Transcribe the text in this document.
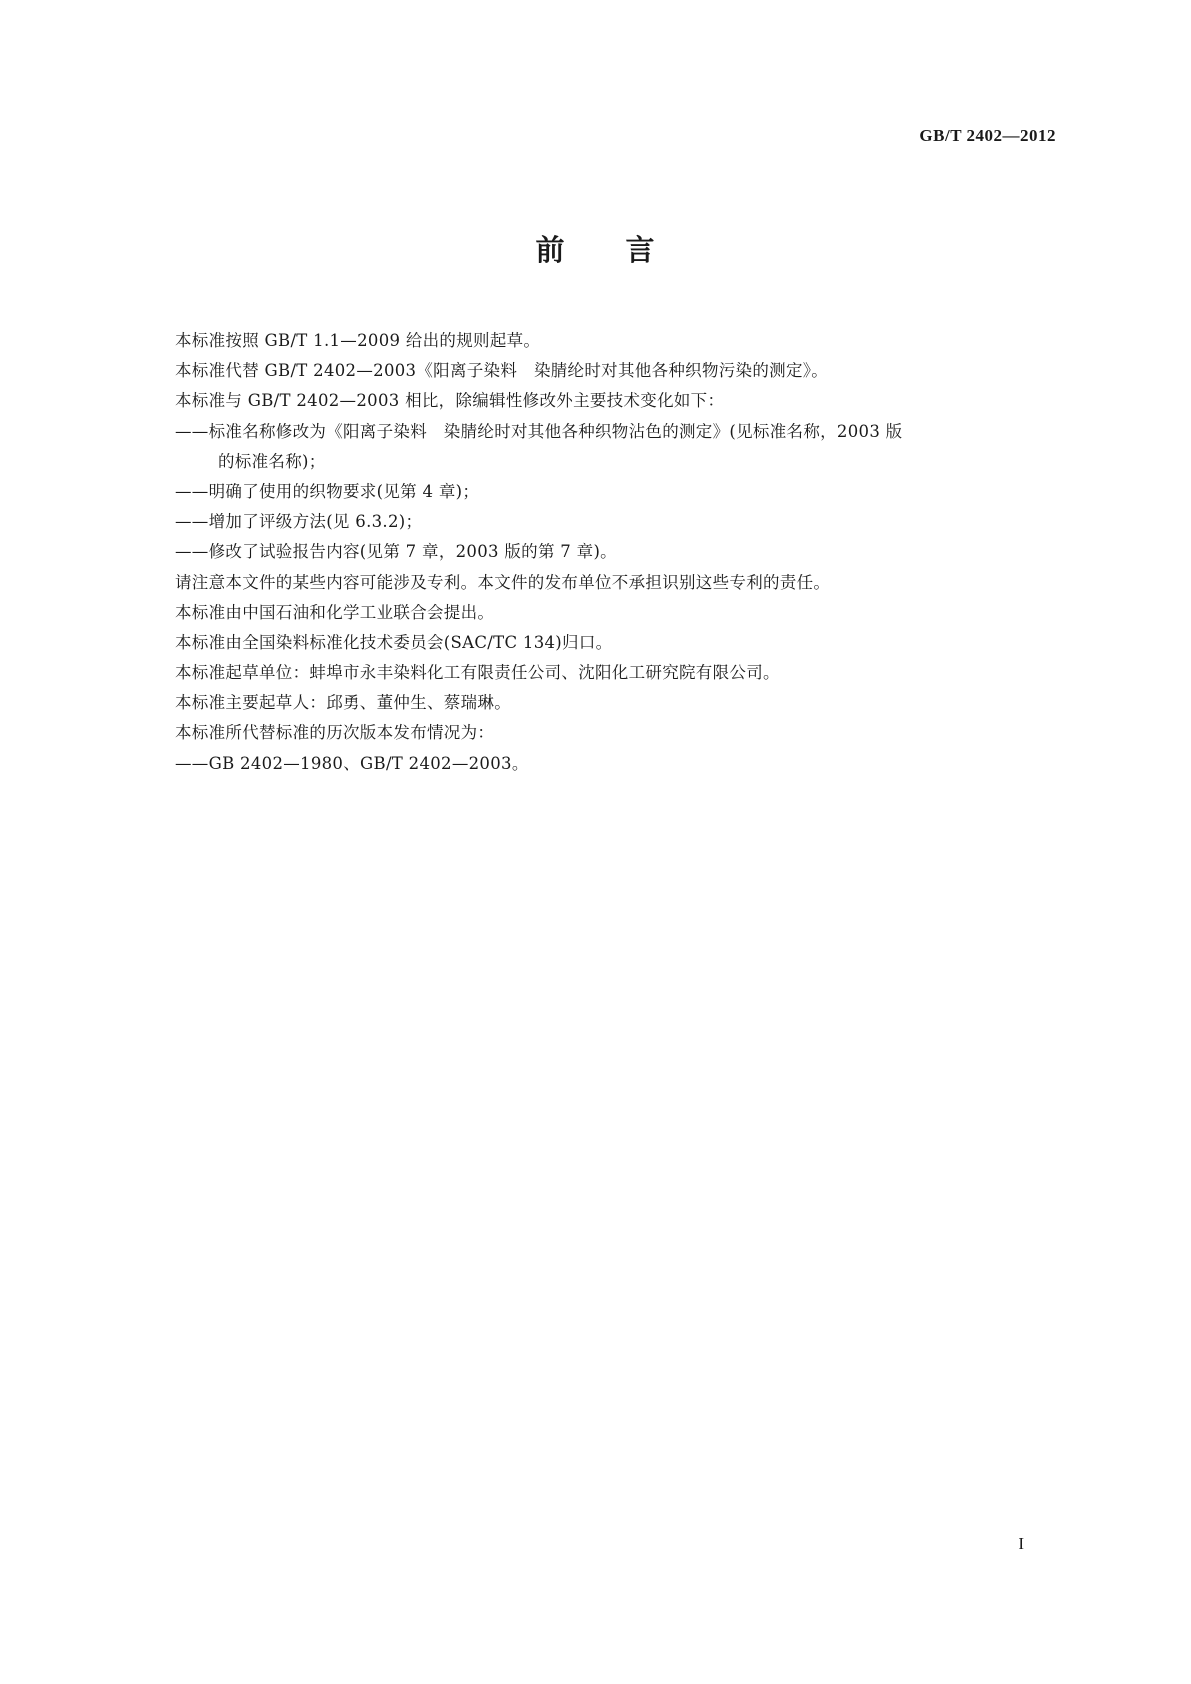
GB/T 2402—2012
前　　言
本标准按照 GB/T 1.1—2009 给出的规则起草。
本标准代替 GB/T 2402—2003《阳离子染料　染腈纶时对其他各种织物污染的测定》。
本标准与 GB/T 2402—2003 相比，除编辑性修改外主要技术变化如下：
——标准名称修改为《阳离子染料　染腈纶时对其他各种织物沾色的测定》(见标准名称，2003 版
的标准名称)；
——明确了使用的织物要求(见第 4 章)；
——增加了评级方法(见 6.3.2)；
——修改了试验报告内容(见第 7 章，2003 版的第 7 章)。
请注意本文件的某些内容可能涉及专利。本文件的发布单位不承担识别这些专利的责任。
本标准由中国石油和化学工业联合会提出。
本标准由全国染料标准化技术委员会(SAC/TC 134)归口。
本标准起草单位：蚌埠市永丰染料化工有限责任公司、沈阳化工研究院有限公司。
本标准主要起草人：邱勇、董仲生、蔡瑞琳。
本标准所代替标准的历次版本发布情况为：
——GB 2402—1980、GB/T 2402—2003。
I
